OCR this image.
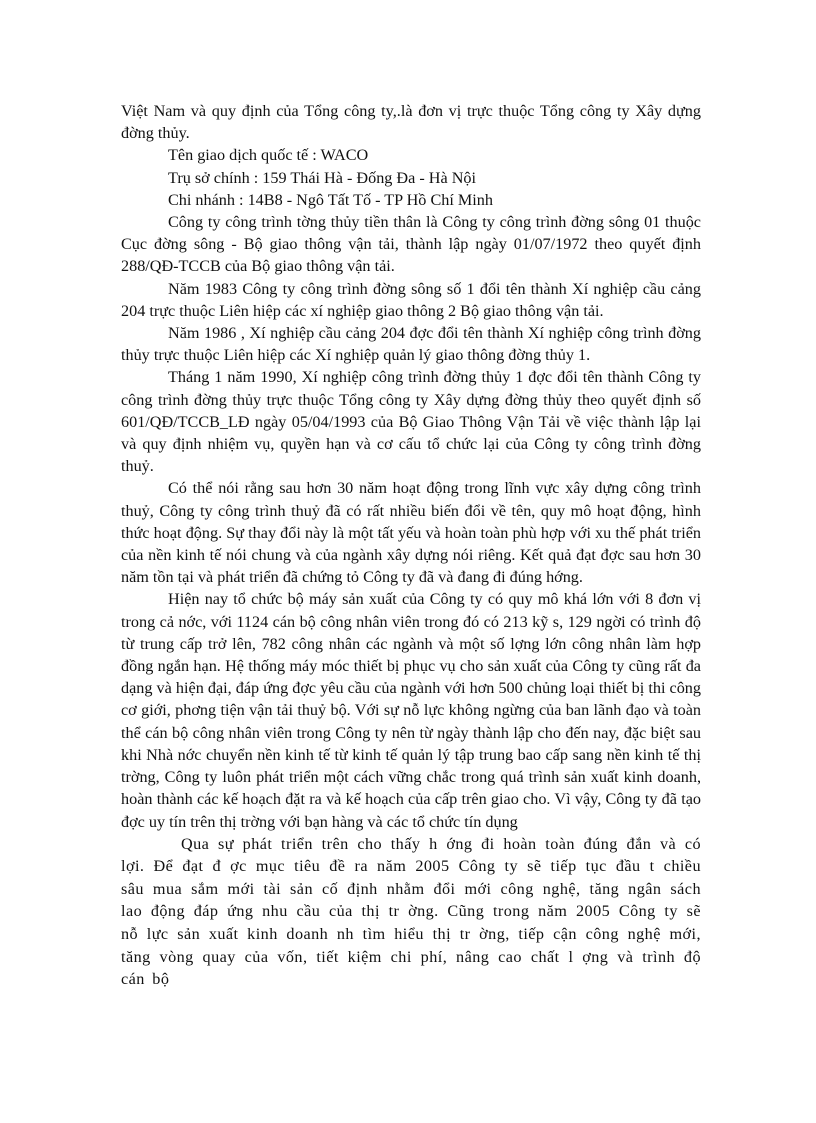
Việt Nam và quy định của Tổng công ty,.là đơn vị trực thuộc Tổng công ty Xây dựng đờng thủy.

Tên giao dịch quốc tế : WACO

Trụ sở chính : 159 Thái Hà - Đống Đa - Hà Nội

Chi nhánh : 14B8 - Ngô Tất Tố - TP Hồ Chí Minh

Công ty công trình tờng thủy tiền thân là Công ty công trình đờng sông 01 thuộc Cục đờng sông - Bộ giao thông vận tải, thành lập ngày 01/07/1972 theo quyết định 288/QĐ-TCCB của Bộ giao thông vận tải.

Năm 1983 Công ty công trình đờng sông số 1 đổi tên thành Xí nghiệp cầu cảng 204 trực thuộc Liên hiệp các xí nghiệp giao thông 2 Bộ giao thông vận tải.

Năm 1986 , Xí nghiệp cầu cảng 204 đợc đổi tên thành Xí nghiệp công trình đờng thủy trực thuộc Liên hiệp các Xí nghiệp quản lý giao thông đờng thủy 1.

Tháng 1 năm 1990, Xí nghiệp công trình đờng thủy 1 đợc đổi tên thành Công ty công trình đờng thủy trực thuộc Tổng công ty Xây dựng đờng thủy theo quyết định số 601/QĐ/TCCB_LĐ ngày 05/04/1993 của Bộ Giao Thông Vận Tải về việc thành lập lại và quy định nhiệm vụ, quyền hạn và cơ cấu tổ chức lại của Công ty công trình đờng thuỷ.

Có thể nói rằng sau hơn 30 năm hoạt động trong lĩnh vực xây dựng công trình thuỷ, Công ty công trình thuỷ đã có rất nhiều biến đổi về tên, quy mô hoạt động, hình thức hoạt động. Sự thay đổi này là một tất yếu và hoàn toàn phù hợp với xu thế phát triển của nền kinh tế nói chung và của ngành xây dựng nói riêng. Kết quả đạt đợc sau hơn 30 năm tồn tại và phát triển đã chứng tỏ Công ty đã và đang đi đúng hớng.

Hiện nay tổ chức bộ máy sản xuất của Công ty có quy mô khá lớn với 8 đơn vị trong cả nớc, với 1124 cán bộ công nhân viên trong đó có 213 kỹ s, 129 ngời có trình độ từ trung cấp trở lên, 782 công nhân các ngành và một số lợng lớn công nhân làm hợp đồng ngắn hạn. Hệ thống máy móc thiết bị phục vụ cho sản xuất của Công ty cũng rất đa dạng và hiện đại, đáp ứng đợc yêu cầu của ngành với hơn 500 chủng loại thiết bị thi công cơ giới, phơng tiện vận tải thuỷ bộ. Với sự nỗ lực không ngừng của ban lãnh đạo và toàn thể cán bộ công nhân viên trong Công ty nên từ ngày thành lập cho đến nay, đặc biệt sau khi Nhà nớc chuyển nền kinh tế từ kinh tế quản lý tập trung bao cấp sang nền kinh tế thị trờng, Công ty luôn phát triển một cách vững chắc trong quá trình sản xuất kinh doanh, hoàn thành các kế hoạch đặt ra và kế hoạch của cấp trên giao cho. Vì vậy, Công ty đã tạo đợc uy tín trên thị trờng với bạn hàng và các tổ chức tín dụng

Qua sự phát triển trên cho thấy h ớng đi hoàn toàn đúng đắn và có lợi. Để đạt đ ợc mục tiêu đề ra năm 2005 Công ty sẽ tiếp tục đầu t chiều sâu mua sắm mới tài sản cố định nhằm đổi mới công nghệ, tăng ngân sách lao động đáp ứng nhu cầu của thị tr ờng. Cũng trong năm 2005 Công ty sẽ nỗ lực sản xuất kinh doanh nh tìm hiểu thị tr ờng, tiếp cận công nghệ mới, tăng vòng quay của vốn, tiết kiệm chi phí, nâng cao chất l ợng và trình độ cán bộ
